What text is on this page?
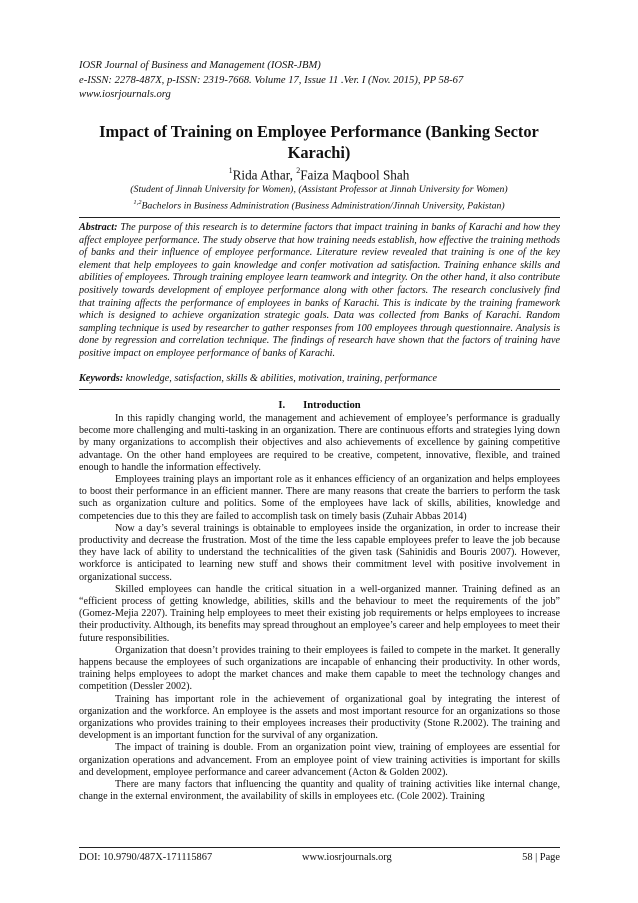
IOSR Journal of Business and Management (IOSR-JBM)
e-ISSN: 2278-487X, p-ISSN: 2319-7668. Volume 17, Issue 11 .Ver. I (Nov. 2015), PP 58-67
www.iosrjournals.org
Impact of Training on Employee Performance (Banking Sector Karachi)
$^1$Rida Athar, $^2$Faiza Maqbool Shah
(Student of Jinnah University for Women), (Assistant Professor at Jinnah University for Women)
$^{1,2}$Bachelors in Business Administration (Business Administration/Jinnah University, Pakistan)
Abstract: The purpose of this research is to determine factors that impact training in banks of Karachi and how they affect employee performance. The study observe that how training needs establish, how effective the training methods of banks and their influence of employee performance. Literature review revealed that training is one of the key element that help employees to gain knowledge and confer motivation ad satisfaction. Training enhance skills and abilities of employees. Through training employee learn teamwork and integrity. On the other hand, it also contribute positively towards development of employee performance along with other factors. The research conclusively find that training affects the performance of employees in banks of Karachi. This is indicate by the training framework which is designed to achieve organization strategic goals. Data was collected from Banks of Karachi. Random sampling technique is used by researcher to gather responses from 100 employees through questionnaire. Analysis is done by regression and correlation technique. The findings of research have shown that the factors of training have positive impact on employee performance of banks of Karachi.
Keywords: knowledge, satisfaction, skills & abilities, motivation, training, performance
I. Introduction

In this rapidly changing world, the management and achievement of employee’s performance is gradually become more challenging and multi-tasking in an organization. There are continuous efforts and strategies lying down by many organizations to accomplish their objectives and also achievements of excellence by gaining competitive advantage. On the other hand employees are required to be creative, competent, innovative, flexible, and trained enough to handle the information effectively.

Employees training plays an important role as it enhances efficiency of an organization and helps employees to boost their performance in an efficient manner. There are many reasons that create the barriers to perform the task such as organization culture and politics. Some of the employees have lack of skills, abilities, knowledge and competencies due to this they are failed to accomplish task on timely basis (Zuhair Abbas 2014)

Now a day’s several trainings is obtainable to employees inside the organization, in order to increase their productivity and decrease the frustration. Most of the time the less capable employees prefer to leave the job because they have lack of ability to understand the technicalities of the given task (Sahinidis and Bouris 2007). However, workforce is anticipated to learning new stuff and shows their commitment level with positive involvement in organizational success.

Skilled employees can handle the critical situation in a well-organized manner. Training defined as an “efficient process of getting knowledge, abilities, skills and the behaviour to meet the requirements of the job” (Gomez-Mejia 2207). Training help employees to meet their existing job requirements or helps employees to increase their productivity. Although, its benefits may spread throughout an employee’s career and help employees to meet their future responsibilities.

Organization that doesn’t provides training to their employees is failed to compete in the market. It generally happens because the employees of such organizations are incapable of enhancing their productivity. In other words, training helps employees to adopt the market chances and make them capable to meet the technology changes and competition (Dessler 2002).

Training has important role in the achievement of organizational goal by integrating the interest of organization and the workforce. An employee is the assets and most important resource for an organizations so those organizations who provides training to their employees increases their productivity (Stone R.2002). The training and development is an important function for the survival of any organization.

The impact of training is double. From an organization point view, training of employees are essential for organization operations and advancement. From an employee point of view training activities is important for skills and development, employee performance and career advancement (Acton & Golden 2002).

There are many factors that influencing the quantity and quality of training activities like internal change, change in the external environment, the availability of skills in employees etc. (Cole 2002). Training

DOI: 10.9790/487X-171115867	www.iosrjournals.org	58 | Page
